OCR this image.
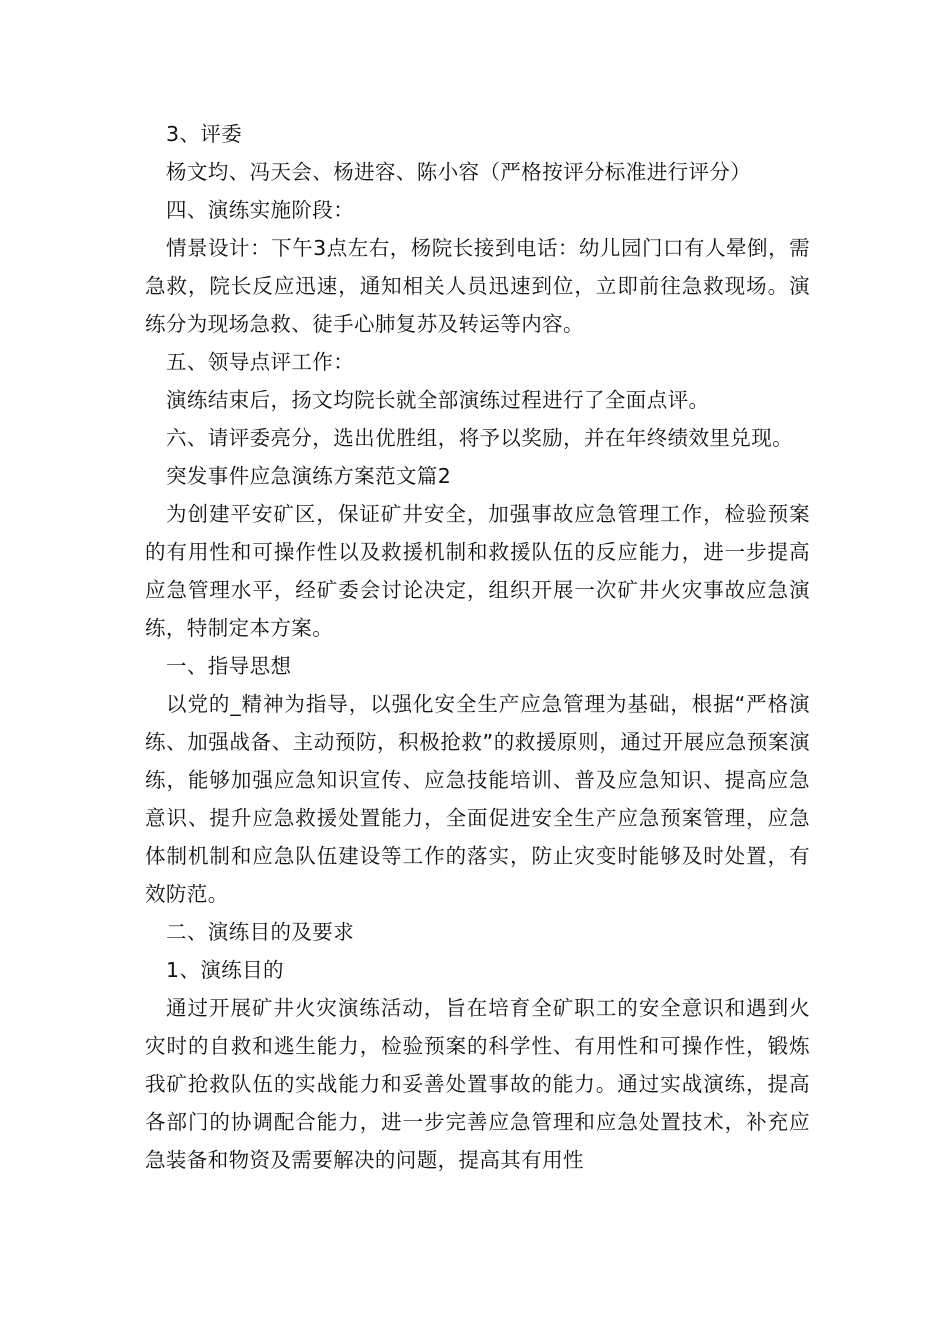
3、评委

杨文均、冯天会、杨进容、陈小容（严格按评分标准进行评分）

四、演练实施阶段：

情景设计：下午3点左右，杨院长接到电话：幼儿园门口有人晕倒，需急救，院长反应迅速，通知相关人员迅速到位，立即前往急救现场。演练分为现场急救、徒手心肺复苏及转运等内容。

五、领导点评工作：

演练结束后，扬文均院长就全部演练过程进行了全面点评。

六、请评委亮分，选出优胜组，将予以奖励，并在年终绩效里兑现。

突发事件应急演练方案范文篇2

为创建平安矿区，保证矿井安全，加强事故应急管理工作，检验预案的有用性和可操作性以及救援机制和救援队伍的反应能力，进一步提高应急管理水平，经矿委会讨论决定，组织开展一次矿井火灾事故应急演练，特制定本方案。

一、指导思想

以党的_精神为指导，以强化安全生产应急管理为基础，根据“严格演练、加强战备、主动预防，积极抢救”的救援原则，通过开展应急预案演练，能够加强应急知识宣传、应急技能培训、普及应急知识、提高应急意识、提升应急救援处置能力，全面促进安全生产应急预案管理，应急体制机制和应急队伍建设等工作的落实，防止灾变时能够及时处置，有效防范。

二、演练目的及要求

1、演练目的

通过开展矿井火灾演练活动，旨在培育全矿职工的安全意识和遇到火灾时的自救和逃生能力，检验预案的科学性、有用性和可操作性，锻炼我矿抢救队伍的实战能力和妥善处置事故的能力。通过实战演练，提高各部门的协调配合能力，进一步完善应急管理和应急处置技术，补充应急装备和物资及需要解决的问题，提高其有用性
